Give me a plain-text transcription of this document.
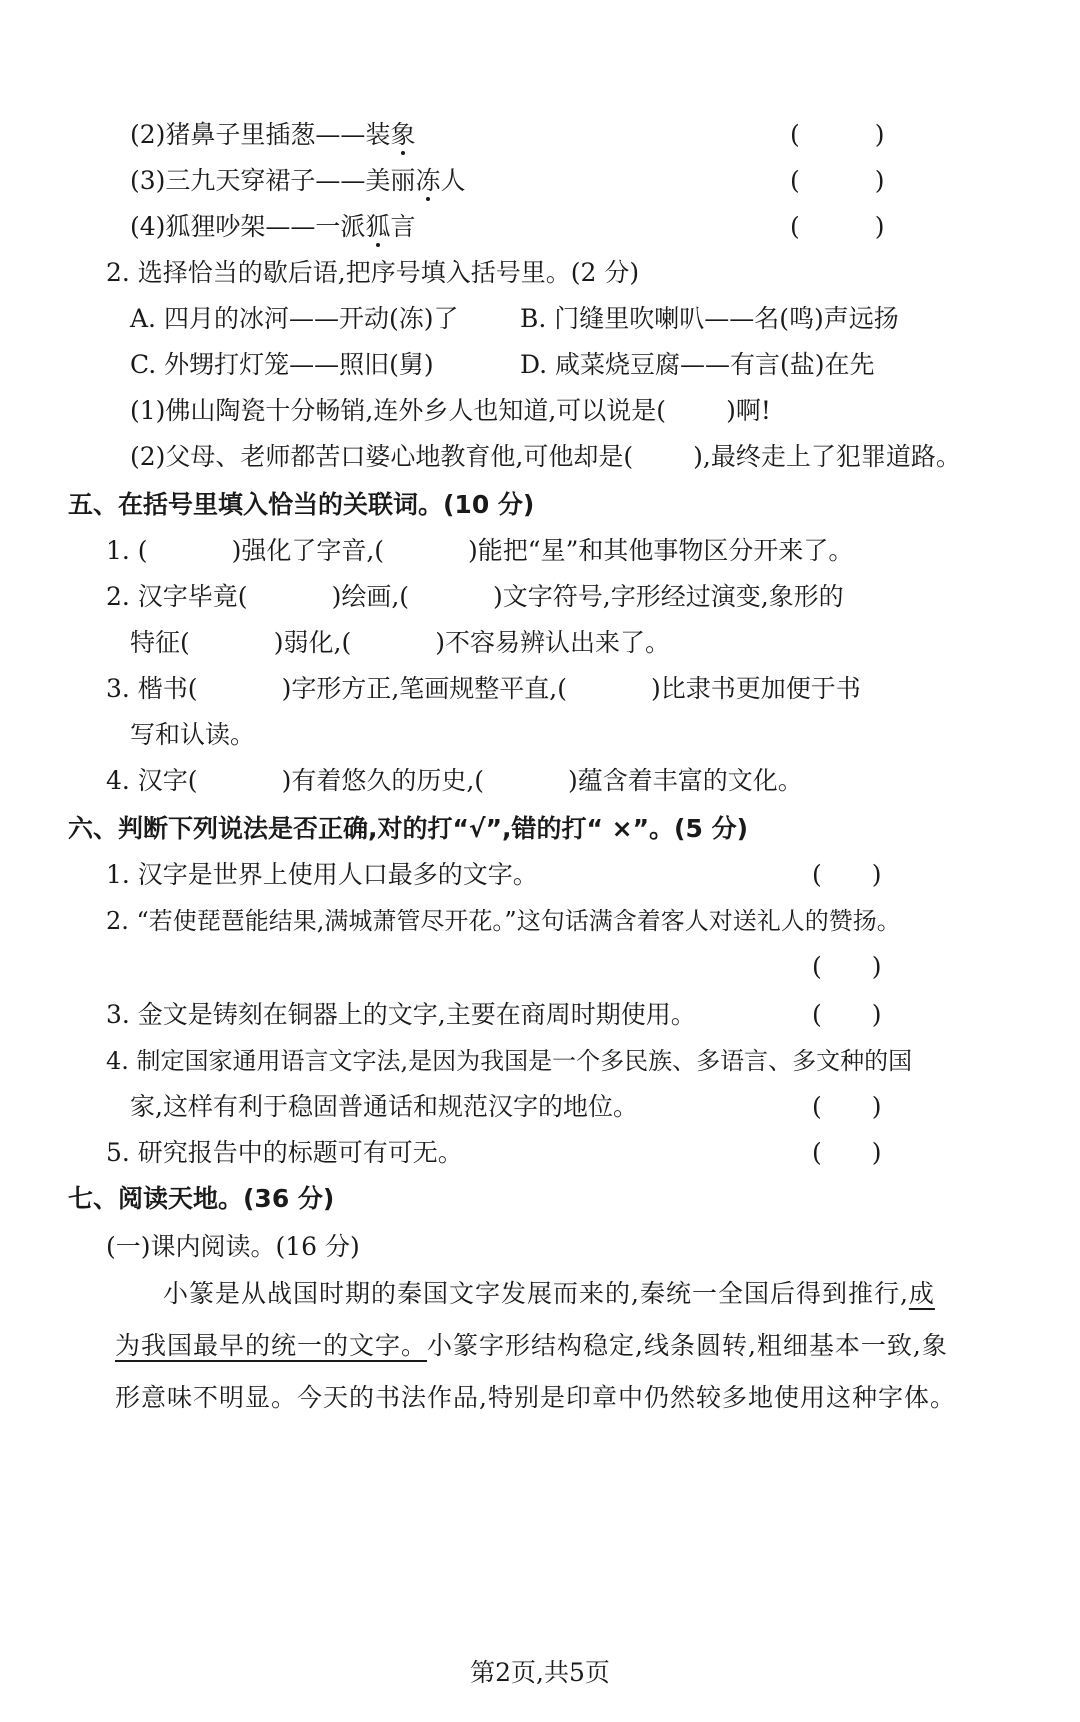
(2)猪鼻子里插葱——装象	(　　　)
(3)三九天穿裙子——美丽冻人	(　　　)
(4)狐狸吵架——一派狐言	(　　　)
2. 选择恰当的歇后语,把序号填入括号里。(2 分)
A. 四月的冰河——开动(冻)了 B. 门缝里吹喇叭——名(鸣)声远扬
C. 外甥打灯笼——照旧(舅)	D. 咸菜烧豆腐——有言(盐)在先
(1)佛山陶瓷十分畅销,连外乡人也知道,可以说是( )啊!
(2)父母、老师都苦口婆心地教育他,可他却是( ),最终走上了犯罪道路。
五、在括号里填入恰当的关联词。(10 分)
1. (	)强化了字音,(	)能把“星”和其他事物区分开来了。
2. 汉字毕竟(	)绘画,(	)文字符号,字形经过演变,象形的
特征(	)弱化,(	)不容易辨认出来了。
3. 楷书(	)字形方正,笔画规整平直,(	)比隶书更加便于书
写和认读。
4. 汉字(	)有着悠久的历史,(	)蕴含着丰富的文化。
六、判断下列说法是否正确,对的打“√”,错的打“ ×”。(5 分)
1. 汉字是世界上使用人口最多的文字。	(　　)
2. “若使琵琶能结果,满城萧管尽开花。”这句话满含着客人对送礼人的赞扬。
(　　)
3. 金文是铸刻在铜器上的文字,主要在商周时期使用。	(　　)
4. 制定国家通用语言文字法,是因为我国是一个多民族、多语言、多文种的国
家,这样有利于稳固普通话和规范汉字的地位。	(　　)
5. 研究报告中的标题可有可无。	(　　)
七、阅读天地。(36 分)
(一)课内阅读。(16 分)
小篆是从战国时期的秦国文字发展而来的,秦统一全国后得到推行,成
为我国最早的统一的文字。小篆字形结构稳定,线条圆转,粗细基本一致,象
形意味不明显。今天的书法作品,特别是印章中仍然较多地使用这种字体。
第2页,共5页
